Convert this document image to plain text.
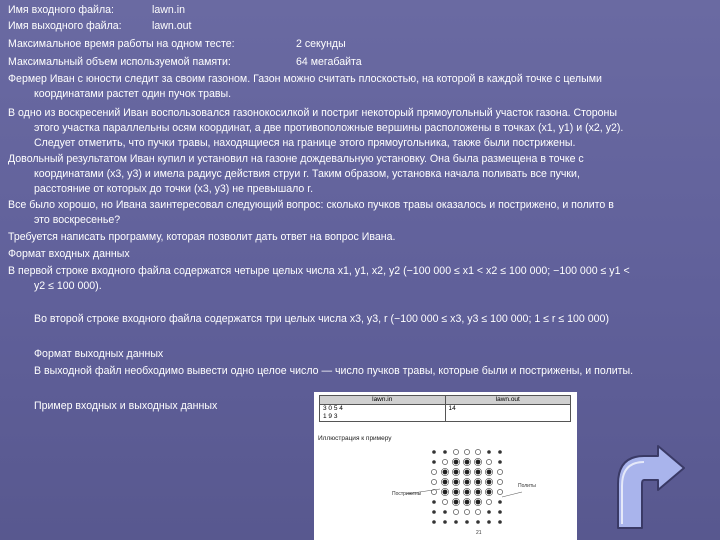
Имя входного файла:	lawn.in
Имя выходного файла:	lawn.out
Максимальное время работы на одном тесте:	2 секунды
Максимальный объем используемой памяти:	64 мегабайта
Фермер Иван с юности следит за своим газоном. Газон можно считать плоскостью, на которой в каждой точке с целыми
координатами растет один пучок травы.
В одно из воскресений Иван воспользовался газонокосилкой и постриг некоторый прямоугольный участок газона. Стороны
этого участка параллельны осям координат, а две противоположные вершины расположены в точках (x1, y1) и (x2, y2).
Следует отметить, что пучки травы, находящиеся на границе этого прямоугольника, также были пострижены.
Довольный результатом Иван купил и установил на газоне дождевальную установку. Она была размещена в точке с
координатами (x3, y3) и имела радиус действия струи r. Таким образом, установка начала поливать все пучки,
расстояние от которых до точки (x3, y3) не превышало r.
Все было хорошо, но Ивана заинтересовал следующий вопрос: сколько пучков травы оказалось и пострижено, и полито в
это воскресенье?
Требуется написать программу, которая позволит дать ответ на вопрос Ивана.
Формат входных данных
В первой строке входного файла содержатся четыре целых числа x1, y1, x2, y2 (−100 000 ≤ x1 < x2 ≤ 100 000; −100 000 ≤ y1 <
y2 ≤ 100 000).
Во второй строке входного файла содержатся три целых числа x3, y3, r (−100 000 ≤ x3, y3 ≤ 100 000; 1 ≤ r ≤ 100 000)
Формат выходных данных
В выходной файл необходимо вывести одно целое число — число пучков травы, которые были и пострижены, и политы.
Пример входных и выходных данных
lawn.in	lawn.out

3 0 5 4
1 9 3	14
Иллюстрация к примеру
Пострижены
Политы
21
